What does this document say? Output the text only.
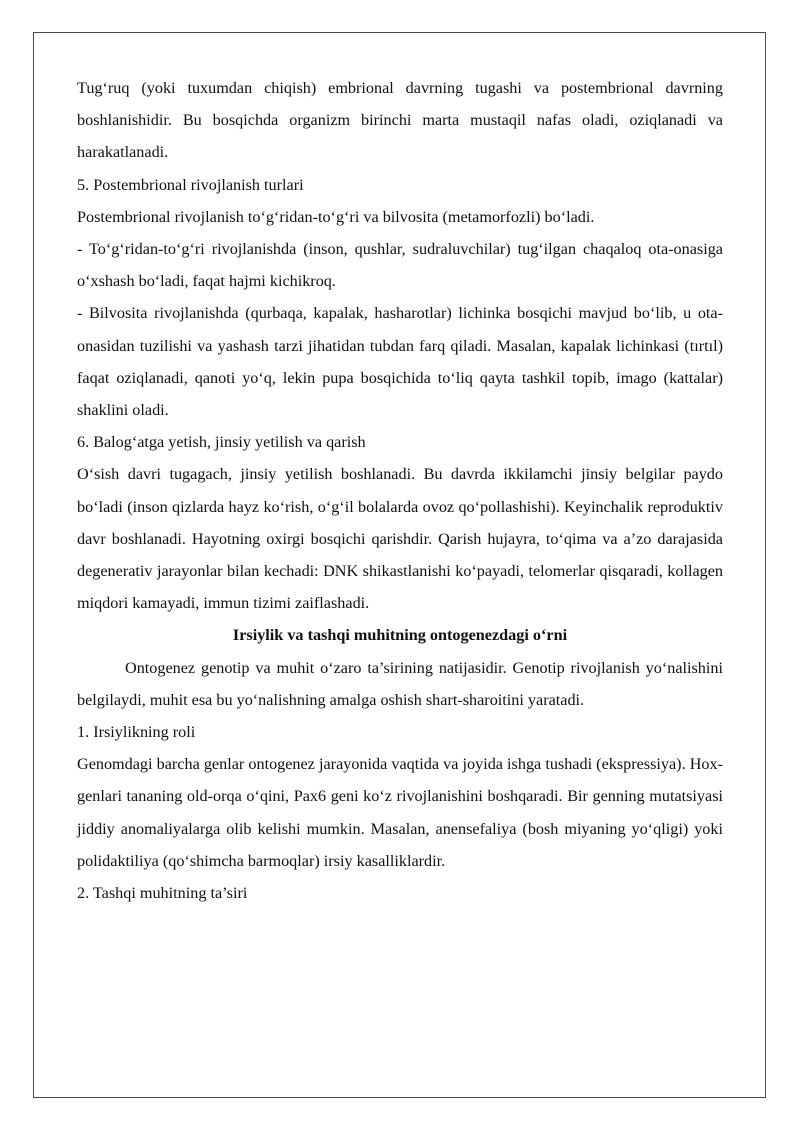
Tug‘ruq (yoki tuxumdan chiqish) embrional davrning tugashi va postembrional davrning boshlanishidir. Bu bosqichda organizm birinchi marta mustaqil nafas oladi, oziqlanadi va harakatlanadi.

5. Postembrional rivojlanish turlari

Postembrional rivojlanish to‘g‘ridan-to‘g‘ri va bilvosita (metamorfozli) bo‘ladi.

- To‘g‘ridan-to‘g‘ri rivojlanishda (inson, qushlar, sudraluvchilar) tug‘ilgan chaqaloq ota-onasiga oʻxshash bo‘ladi, faqat hajmi kichikroq.

- Bilvosita rivojlanishda (qurbaqa, kapalak, hasharotlar) lichinka bosqichi mavjud bo‘lib, u ota-onasidan tuzilishi va yashash tarzi jihatidan tubdan farq qiladi. Masalan, kapalak lichinkasi (tırtıl) faqat oziqlanadi, qanoti yo‘q, lekin pupa bosqichida to‘liq qayta tashkil topib, imago (kattalar) shaklini oladi.

6. Balog‘atga yetish, jinsiy yetilish va qarish

O‘sish davri tugagach, jinsiy yetilish boshlanadi. Bu davrda ikkilamchi jinsiy belgilar paydo bo‘ladi (inson qizlarda hayz ko‘rish, o‘g‘il bolalarda ovoz qo‘pollashishi). Keyinchalik reproduktiv davr boshlanadi. Hayotning oxirgi bosqichi qarishdir. Qarish hujayra, to‘qima va a’zo darajasida degenerativ jarayonlar bilan kechadi: DNK shikastlanishi ko‘payadi, telomerlar qisqaradi, kollagen miqdori kamayadi, immun tizimi zaiflashadi.

Irsiylik va tashqi muhitning ontogenezdagi o‘rni

Ontogenez genotip va muhit oʻzaro ta’sirining natijasidir. Genotip rivojlanish yo‘nalishini belgilaydi, muhit esa bu yo‘nalishning amalga oshish shart-sharoitini yaratadi.

1. Irsiylikning roli

Genomdagi barcha genlar ontogenez jarayonida vaqtida va joyida ishga tushadi (ekspressiya). Hox-genlari tananing old-orqa oʻqini, Pax6 geni ko‘z rivojlanishini boshqaradi. Bir genning mutatsiyasi jiddiy anomaliyalarga olib kelishi mumkin. Masalan, anensefaliya (bosh miyaning yo‘qligi) yoki polidaktiliya (qoʻshimcha barmoqlar) irsiy kasalliklardir.

2. Tashqi muhitning ta’siri
